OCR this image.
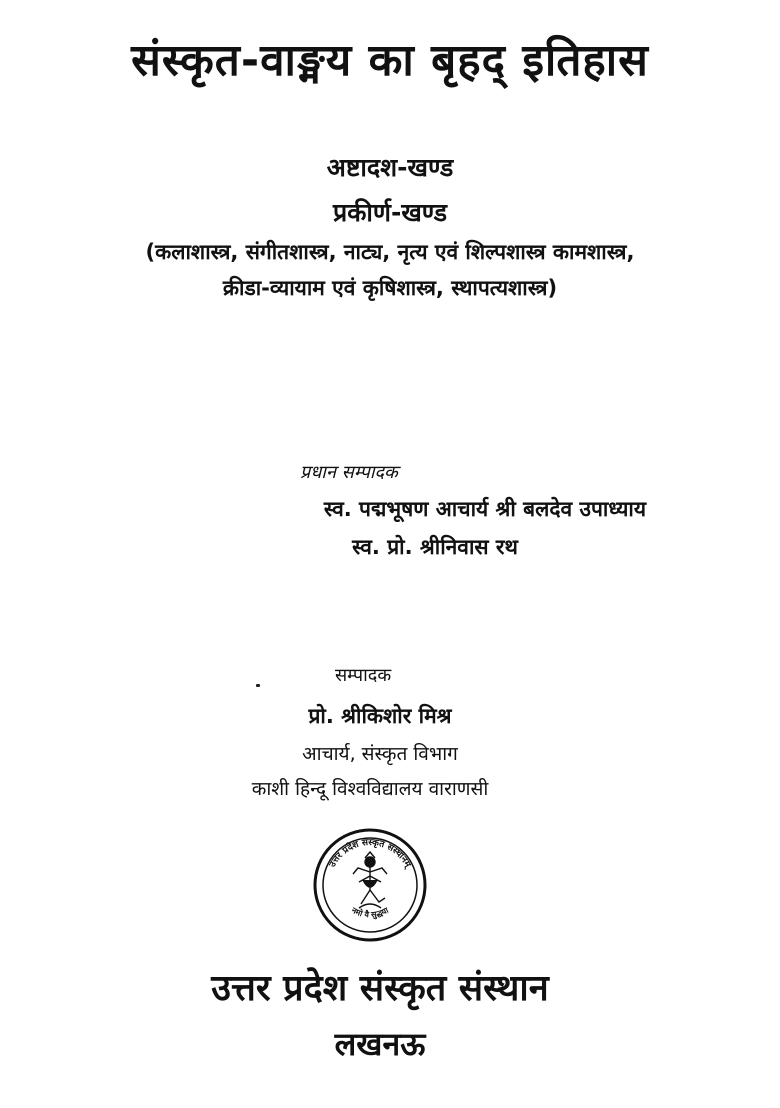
संस्कृत-वाङ्मय का बृहद् इतिहास
अष्टादश-खण्ड
प्रकीर्ण-खण्ड
(कलाशास्त्र, संगीतशास्त्र, नाट्य, नृत्य एवं शिल्पशास्त्र कामशास्त्र,
क्रीडा-व्यायाम एवं कृषिशास्त्र, स्थापत्यशास्त्र)
प्रधान सम्पादक
स्व. पद्मभूषण आचार्य श्री बलदेव उपाध्याय
स्व. प्रो. श्रीनिवास रथ
सम्पादक
प्रो. श्रीकिशोर मिश्र
आचार्य, संस्कृत विभाग
काशी हिन्दू विश्वविद्यालय वाराणसी
उत्तर प्रदेश संस्कृत संस्थानम्
नमो वै सुद्धया
उत्तर प्रदेश संस्कृत संस्थान
लखनऊ
